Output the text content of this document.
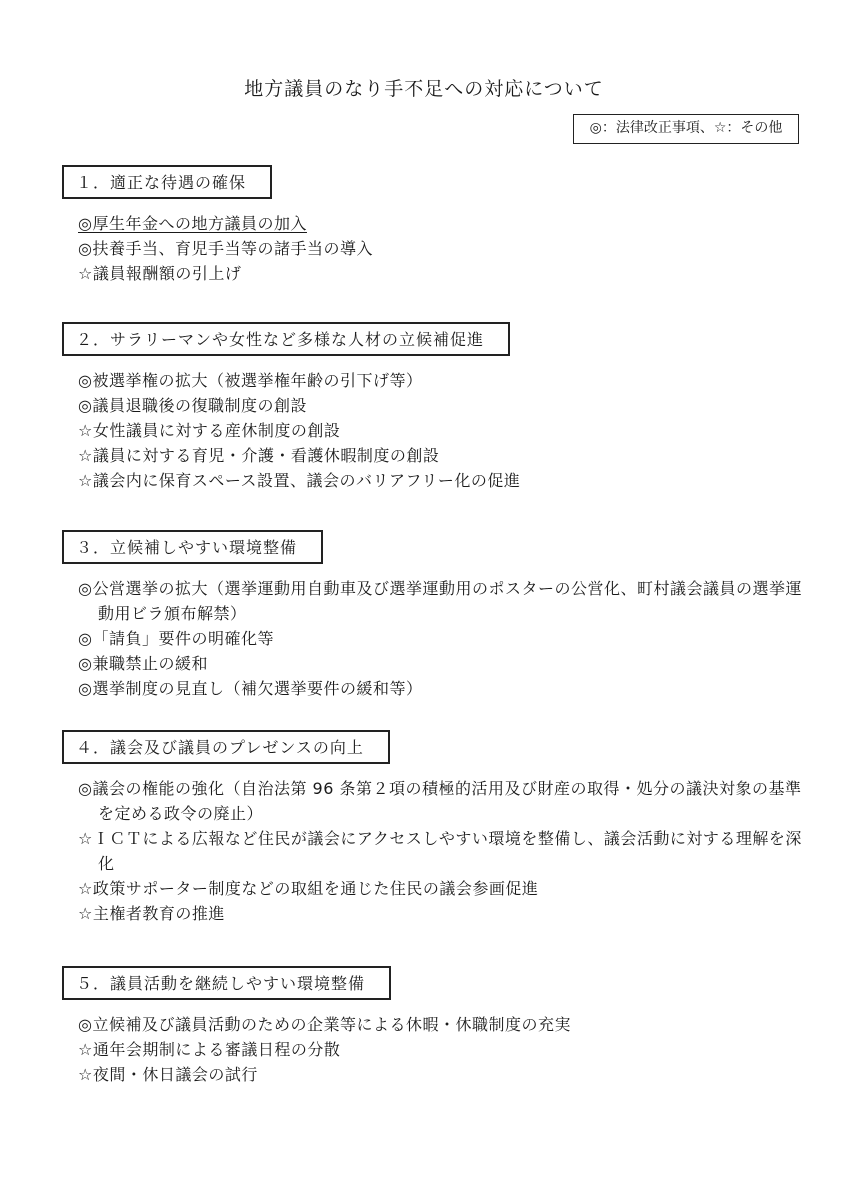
地方議員のなり手不足への対応について
◎：法律改正事項、☆：その他
１．適正な待遇の確保
◎厚生年金への地方議員の加入
◎扶養手当、育児手当等の諸手当の導入
☆議員報酬額の引上げ
２．サラリーマンや女性など多様な人材の立候補促進
◎被選挙権の拡大（被選挙権年齢の引下げ等）
◎議員退職後の復職制度の創設
☆女性議員に対する産休制度の創設
☆議員に対する育児・介護・看護休暇制度の創設
☆議会内に保育スペース設置、議会のバリアフリー化の促進
３．立候補しやすい環境整備
◎公営選挙の拡大（選挙運動用自動車及び選挙運動用のポスターの公営化、町村議会議員の選挙運動用ビラ頒布解禁）
◎「請負」要件の明確化等
◎兼職禁止の緩和
◎選挙制度の見直し（補欠選挙要件の緩和等）
４．議会及び議員のプレゼンスの向上
◎議会の権能の強化（自治法第 96 条第２項の積極的活用及び財産の取得・処分の議決対象の基準を定める政令の廃止）
☆ＩＣＴによる広報など住民が議会にアクセスしやすい環境を整備し、議会活動に対する理解を深化
☆政策サポーター制度などの取組を通じた住民の議会参画促進
☆主権者教育の推進
５．議員活動を継続しやすい環境整備
◎立候補及び議員活動のための企業等による休暇・休職制度の充実
☆通年会期制による審議日程の分散
☆夜間・休日議会の試行
